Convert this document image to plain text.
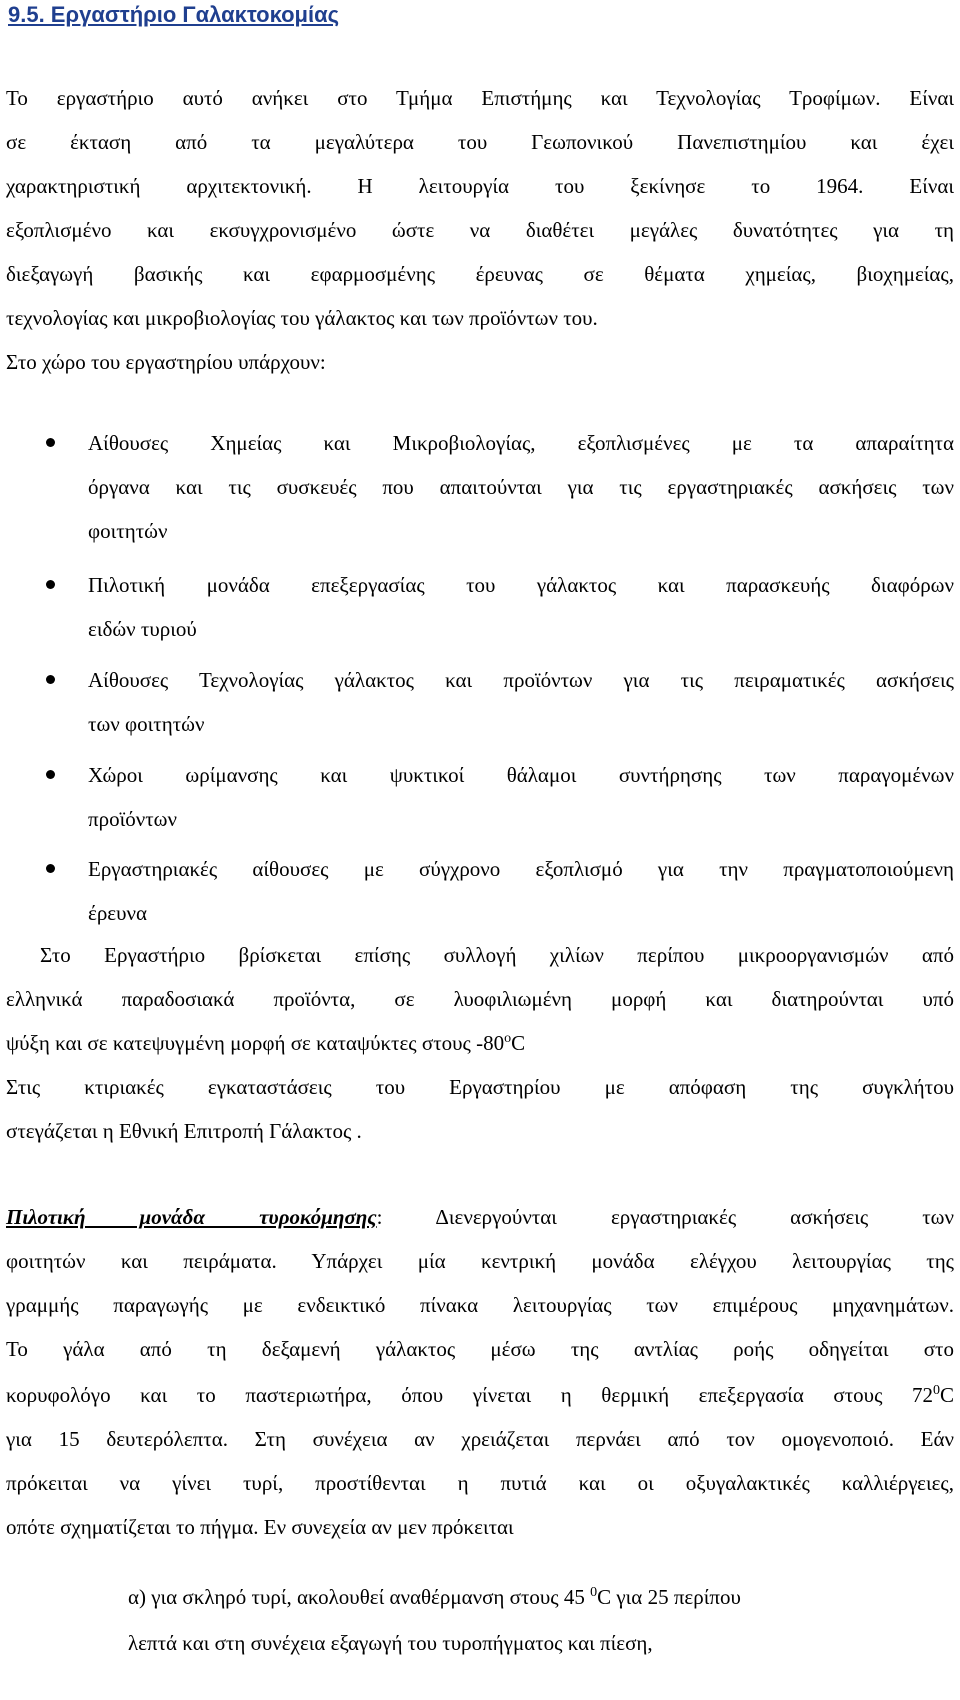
9.5. Εργαστήριο Γαλακτοκομίας
Το εργαστήριο αυτό ανήκει στο Τμήμα Επιστήμης και Τεχνολογίας Τροφίμων. Είναι
σε έκταση από τα μεγαλύτερα του Γεωπονικού Πανεπιστημίου και έχει
χαρακτηριστική αρχιτεκτονική. Η λειτουργία του ξεκίνησε το 1964. Είναι
εξοπλισμένο και εκσυγχρονισμένο ώστε να διαθέτει μεγάλες δυνατότητες για τη
διεξαγωγή βασικής και εφαρμοσμένης έρευνας σε θέματα χημείας, βιοχημείας,
τεχνολογίας και μικροβιολογίας του γάλακτος και των προϊόντων του.
Στο χώρο του εργαστηρίου υπάρχουν:
Αίθουσες Χημείας και Μικροβιολογίας, εξοπλισμένες με τα απαραίτητα
όργανα και τις συσκευές που απαιτούνται για τις εργαστηριακές ασκήσεις των
φοιτητών
Πιλοτική μονάδα επεξεργασίας του γάλακτος και παρασκευής διαφόρων
ειδών τυριού
Αίθουσες Τεχνολογίας γάλακτος και προϊόντων για τις πειραματικές ασκήσεις
των φοιτητών
Χώροι ωρίμανσης και ψυκτικοί θάλαμοι συντήρησης των παραγομένων
προϊόντων
Εργαστηριακές αίθουσες με σύγχρονο εξοπλισμό για την πραγματοποιούμενη
έρευνα
Στο Εργαστήριο βρίσκεται επίσης συλλογή χιλίων περίπου μικροοργανισμών από
ελληνικά παραδοσιακά προϊόντα, σε λυοφιλιωμένη μορφή και διατηρούνται υπό
ψύξη και σε κατεψυγμένη μορφή σε καταψύκτες στους -80$^o$C
Στις κτιριακές εγκαταστάσεις του Εργαστηρίου με απόφαση της συγκλήτου
στεγάζεται η Εθνική Επιτροπή Γάλακτος .
Πιλοτική μονάδα τυροκόμησης: Διενεργούνται εργαστηριακές ασκήσεις των
φοιτητών και πειράματα. Υπάρχει μία κεντρική μονάδα ελέγχου λειτουργίας της
γραμμής παραγωγής με ενδεικτικό πίνακα λειτουργίας των επιμέρους μηχανημάτων.
Το γάλα από τη δεξαμενή γάλακτος μέσω της αντλίας ροής οδηγείται στο
κορυφολόγο και το παστεριωτήρα, όπου γίνεται η θερμική επεξεργασία στους $72^0C$
για 15 δευτερόλεπτα. Στη συνέχεια αν χρειάζεται περνάει από τον ομογενοποιό. Εάν
πρόκειται να γίνει τυρί, προστίθενται η πυτιά και οι οξυγαλακτικές καλλιέργειες,
οπότε σχηματίζεται το πήγμα. Εν συνεχεία αν μεν πρόκειται
α) για σκληρό τυρί, ακολουθεί αναθέρμανση στους 45 $^0$C για 25 περίπου
λεπτά και στη συνέχεια εξαγωγή του τυροπήγματος και πίεση,
